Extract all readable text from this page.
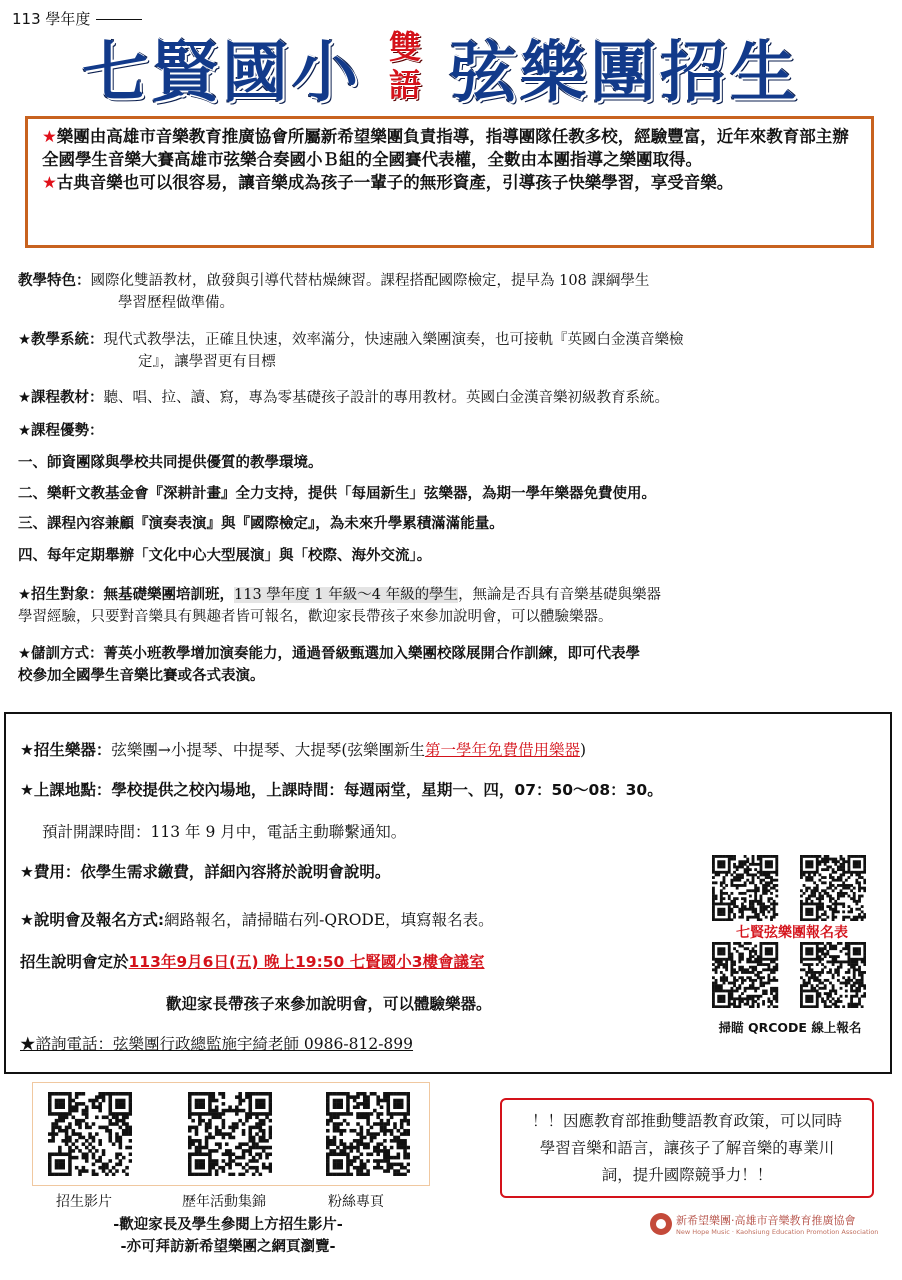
113 學年度
七賢國小 雙
語 弦樂團招生
★樂團由高雄市音樂教育推廣協會所屬新希望樂團負責指導，指導團隊任教多校，經驗豐富，近年來教育部主辦全國學生音樂大賽高雄市弦樂合奏國小Ｂ組的全國賽代表權，全數由本團指導之樂團取得。
★古典音樂也可以很容易，讓音樂成為孩子一輩子的無形資產，引導孩子快樂學習，享受音樂。
教學特色：國際化雙語教材，啟發與引導代替枯燥練習。課程搭配國際檢定，提早為 108 課綱學生
學習歷程做準備。
★教學系統：現代式教學法，正確且快速，效率滿分，快速融入樂團演奏，也可接軌『英國白金漢音樂檢
定』，讓學習更有目標
★課程教材：聽、唱、拉、讀、寫，專為零基礎孩子設計的專用教材。英國白金漢音樂初級教育系統。
★課程優勢：
一、師資團隊與學校共同提供優質的教學環境。
二、樂軒文教基金會『深耕計畫』全力支持，提供「每屆新生」弦樂器，為期一學年樂器免費使用。
三、課程內容兼顧『演奏表演』與『國際檢定』，為未來升學累積滿滿能量。
四、每年定期舉辦「文化中心大型展演」與「校際、海外交流」。
★招生對象：無基礎樂團培訓班，113 學年度 1 年級～4 年級的學生，無論是否具有音樂基礎與樂器
學習經驗，只要對音樂具有興趣者皆可報名，歡迎家長帶孩子來參加說明會，可以體驗樂器。
★儲訓方式：菁英小班教學增加演奏能力，通過晉級甄選加入樂團校隊展開合作訓練，即可代表學
校參加全國學生音樂比賽或各式表演。
★招生樂器：弦樂團→小提琴、中提琴、大提琴(弦樂團新生第一學年免費借用樂器)
★上課地點：學校提供之校內場地，上課時間：每週兩堂，星期一、四，07：50～08：30。
預計開課時間：113 年 9 月中，電話主動聯繫通知。
★費用：依學生需求繳費，詳細內容將於說明會說明。
★說明會及報名方式:網路報名，請掃瞄右列-QRODE，填寫報名表。
招生說明會定於113年9月6日(五) 晚上19:50 七賢國小3樓會議室
歡迎家長帶孩子來參加說明會，可以體驗樂器。
★諮詢電話：弦樂團行政總監施宇綺老師 0986-812-899
七賢弦樂團報名表
掃瞄 QRCODE 線上報名
招生影片	歷年活動集錦	粉絲專頁
-歡迎家長及學生參閱上方招生影片-
-亦可拜訪新希望樂團之網頁瀏覽-
！！因應教育部推動雙語教育政策，可以同時
學習音樂和語言，讓孩子了解音樂的專業川
詞，提升國際競爭力！！
新希望樂團‧高雄市音樂教育推廣協會
New Hope Music · Kaohsiung Education Promotion Association
